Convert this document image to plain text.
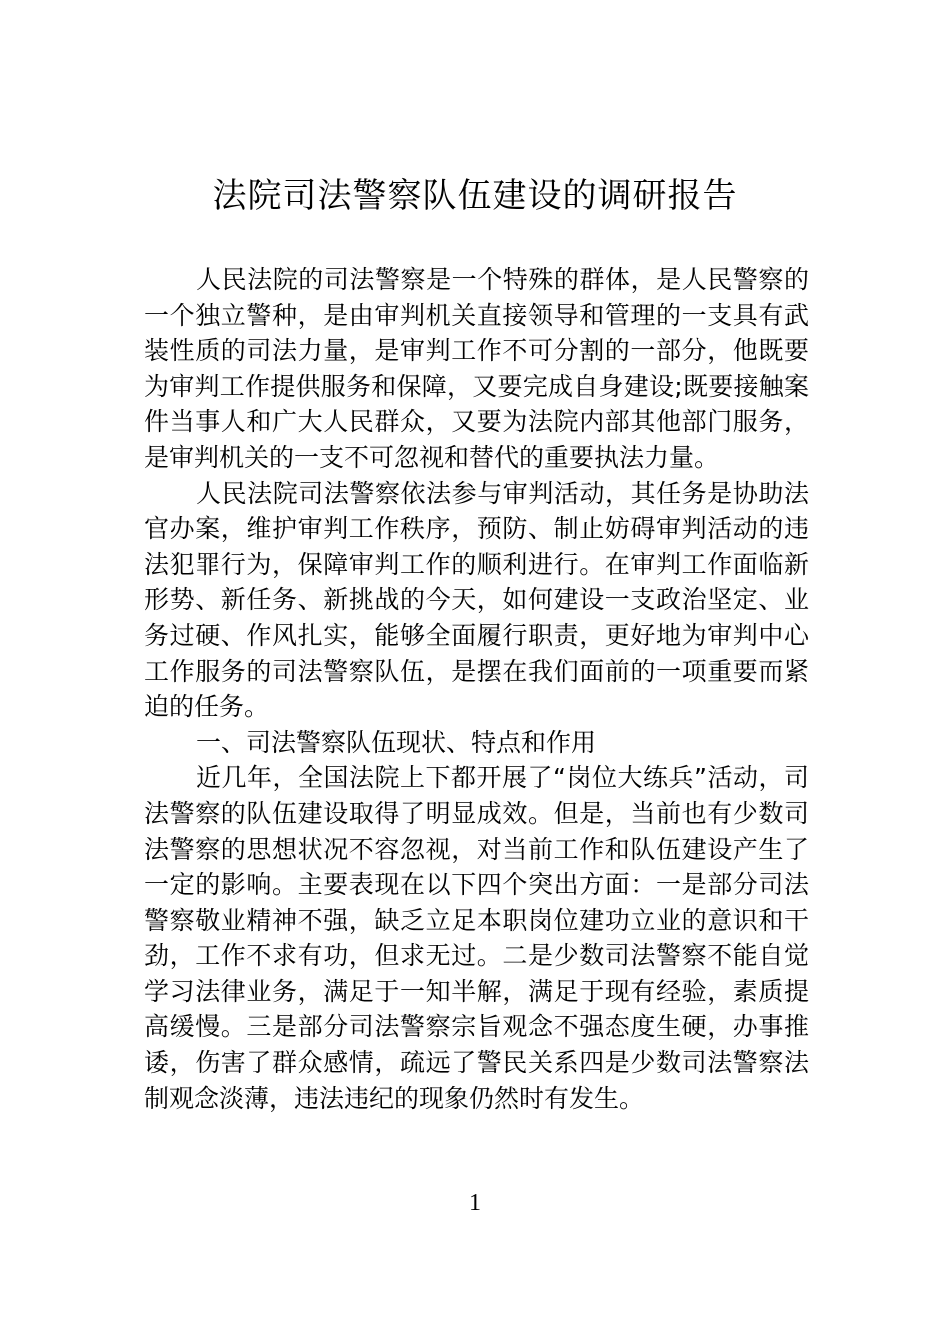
法院司法警察队伍建设的调研报告

人民法院的司法警察是一个特殊的群体，是人民警察的一个独立警种，是由审判机关直接领导和管理的一支具有武装性质的司法力量，是审判工作不可分割的一部分，他既要为审判工作提供服务和保障，又要完成自身建设;既要接触案件当事人和广大人民群众，又要为法院内部其他部门服务，是审判机关的一支不可忽视和替代的重要执法力量。

人民法院司法警察依法参与审判活动，其任务是协助法官办案，维护审判工作秩序，预防、制止妨碍审判活动的违法犯罪行为，保障审判工作的顺利进行。在审判工作面临新形势、新任务、新挑战的今天，如何建设一支政治坚定、业务过硬、作风扎实，能够全面履行职责，更好地为审判中心工作服务的司法警察队伍，是摆在我们面前的一项重要而紧迫的任务。

一、司法警察队伍现状、特点和作用

近几年，全国法院上下都开展了“岗位大练兵”活动，司法警察的队伍建设取得了明显成效。但是，当前也有少数司法警察的思想状况不容忽视，对当前工作和队伍建设产生了一定的影响。主要表现在以下四个突出方面：一是部分司法警察敬业精神不强，缺乏立足本职岗位建功立业的意识和干劲，工作不求有功，但求无过。二是少数司法警察不能自觉学习法律业务，满足于一知半解，满足于现有经验，素质提高缓慢。三是部分司法警察宗旨观念不强态度生硬，办事推诿，伤害了群众感情，疏远了警民关系四是少数司法警察法制观念淡薄，违法违纪的现象仍然时有发生。

1
